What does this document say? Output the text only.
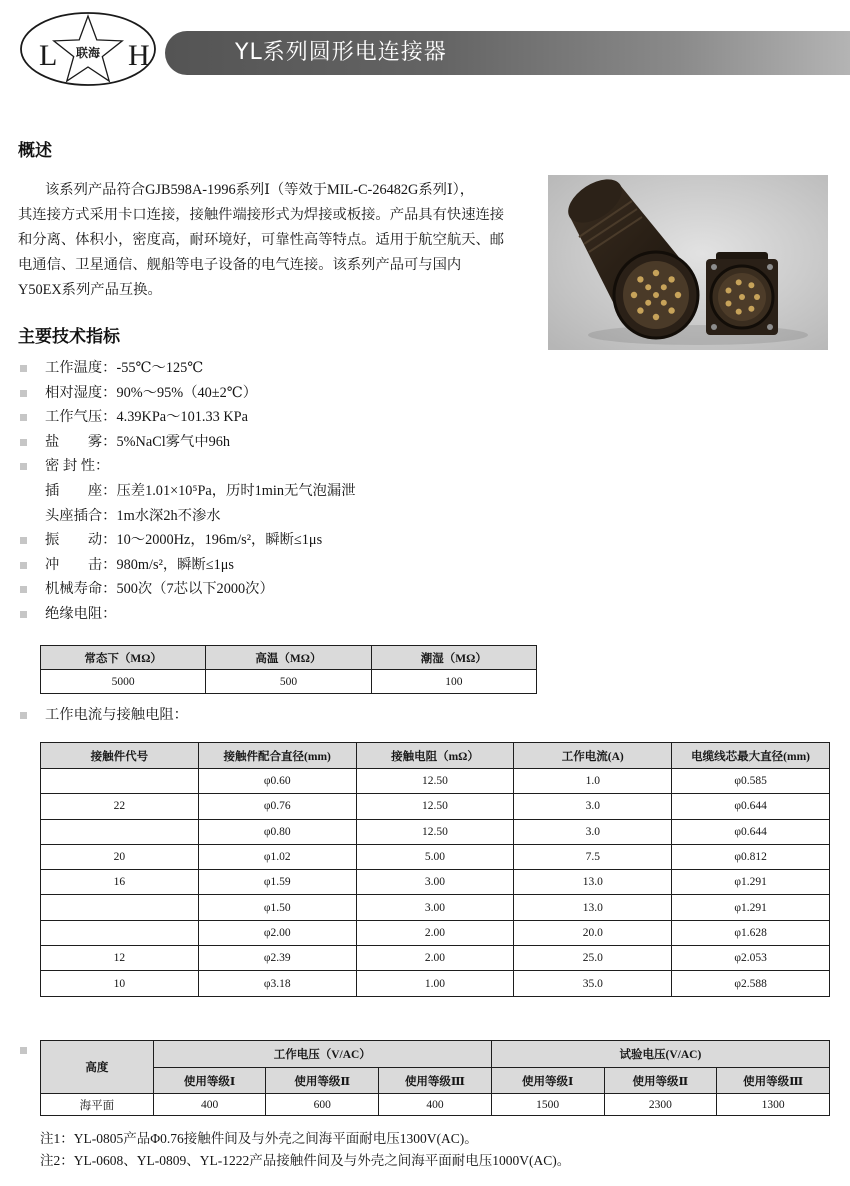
L 联海 H	YL系列圆形电连接器
概述
该系列产品符合GJB598A-1996系列Ⅰ（等效于MIL-C-26482G系列Ⅰ），
其连接方式采用卡口连接，接触件端接形式为焊接或板接。产品具有快速连接
和分离、体积小，密度高，耐环境好，可靠性高等特点。适用于航空航天、邮
电通信、卫星通信、舰船等电子设备的电气连接。该系列产品可与国内
Y50EX系列产品互换。
主要技术指标
工作温度：-55℃～125℃
相对湿度：90%～95%（40±2℃）
工作气压：4.39KPa～101.33 KPa
盐　　雾：5%NaCl雾气中96h
密 封 性：
插　　座：压差1.01×10⁵Pa，历时1min无气泡漏泄
头座插合：1m水深2h不渗水
振　　动：10～2000Hz，196m/s²，瞬断≤1μs
冲　　击：980m/s²，瞬断≤1μs
机械寿命：500次（7芯以下2000次）
绝缘电阻：
常态下（MΩ）	高温（MΩ）	潮湿（MΩ）
5000	500	100
工作电流与接触电阻：
接触件代号	接触件配合直径(mm)	接触电阻（mΩ）	工作电流(A)	电缆线芯最大直径(mm)
	φ0.60	12.50	1.0	φ0.585
22	φ0.76	12.50	3.0	φ0.644
	φ0.80	12.50	3.0	φ0.644
20	φ1.02	5.00	7.5	φ0.812
16	φ1.59	3.00	13.0	φ1.291
	φ1.50	3.00	13.0	φ1.291
	φ2.00	2.00	20.0	φ1.628
12	φ2.39	2.00	25.0	φ2.053
10	φ3.18	1.00	35.0	φ2.588
高度	工作电压（V/AC）			试验电压(V/AC)		
	使用等级Ⅰ	使用等级Ⅱ	使用等级Ⅲ	使用等级Ⅰ	使用等级Ⅱ	使用等级Ⅲ
海平面	400	600	400	1500	2300	1300
注1：YL-0805产品Φ0.76接触件间及与外壳之间海平面耐电压1300V(AC)。
注2：YL-0608、YL-0809、YL-1222产品接触件间及与外壳之间海平面耐电压1000V(AC)。
